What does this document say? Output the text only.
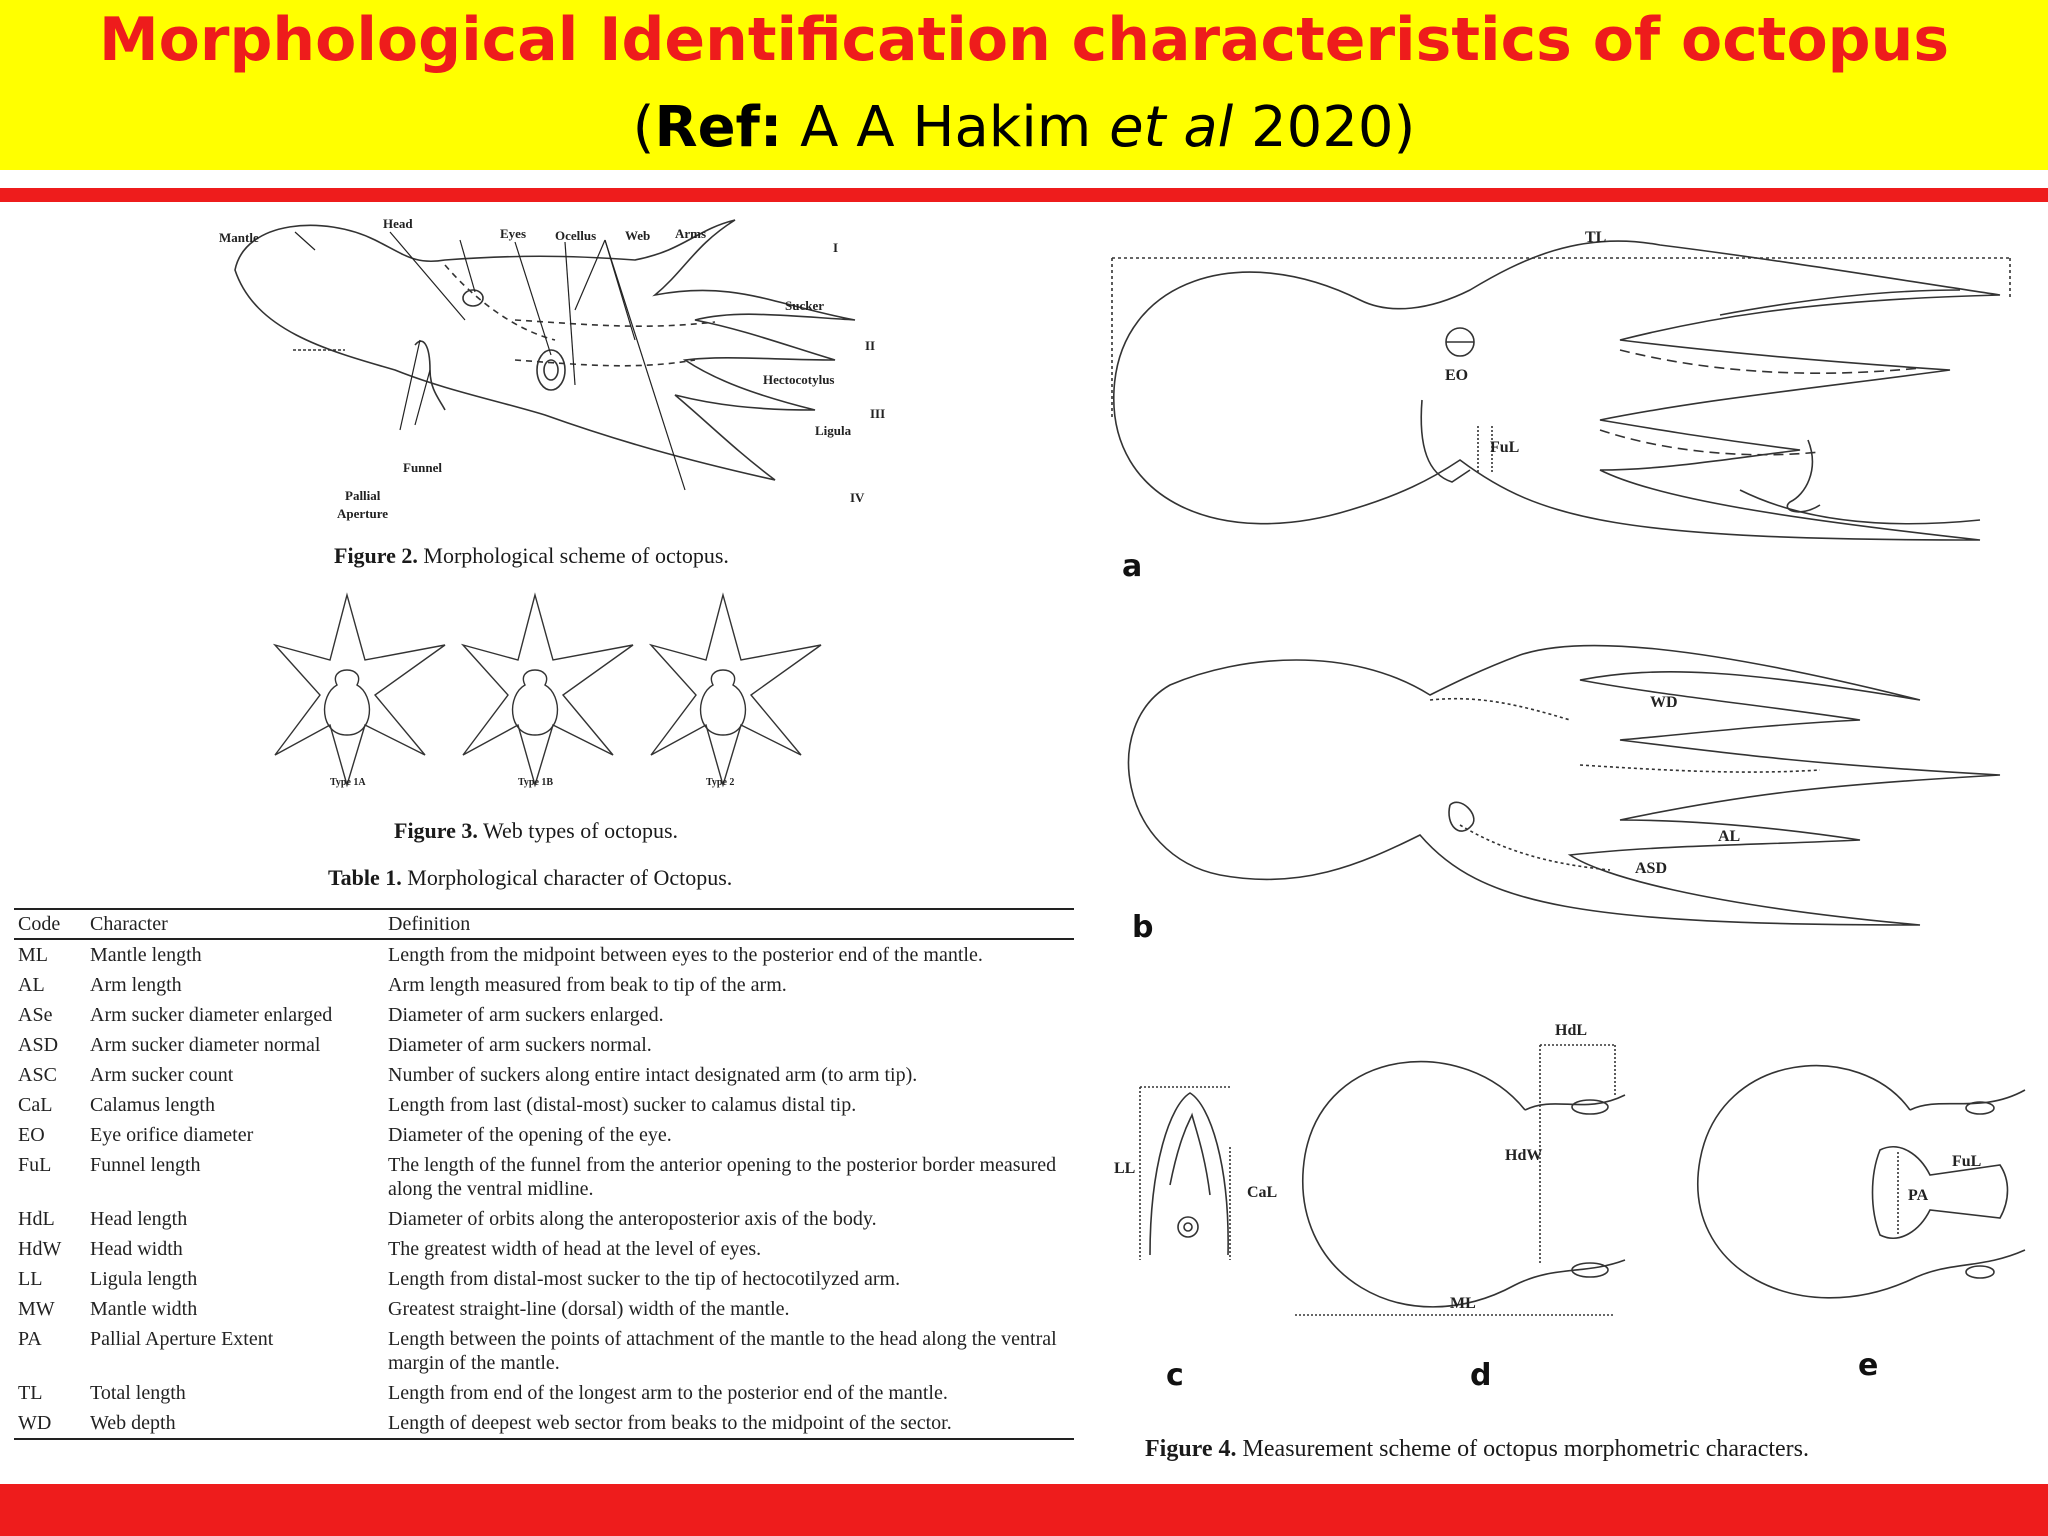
Morphological Identification characteristics of octopus
(Ref: A A Hakim et al 2020)
Mantle
Head
Eyes Ocellus Web Arms
I
Sucker
II
Hectocotylus
III
Ligula
IV
Funnel
Pallial
Aperture
Figure 2. Morphological scheme of octopus.
Type 1A	Type 1B	Type 2
Figure 3. Web types of octopus.
Table 1. Morphological character of Octopus.
Code	Character	Definition
ML	Mantle length	Length from the midpoint between eyes to the posterior end of the mantle.
AL	Arm length	Arm length measured from beak to tip of the arm.
ASe	Arm sucker diameter enlarged	Diameter of arm suckers enlarged.
ASD	Arm sucker diameter normal	Diameter of arm suckers normal.
ASC	Arm sucker count	Number of suckers along entire intact designated arm (to arm tip).
CaL	Calamus length	Length from last (distal-most) sucker to calamus distal tip.
EO	Eye orifice diameter	Diameter of the opening of the eye.
FuL	Funnel length	The length of the funnel from the anterior opening to the posterior border measured along the ventral midline.
HdL	Head length	Diameter of orbits along the anteroposterior axis of the body.
HdW	Head width	The greatest width of head at the level of eyes.
LL	Ligula length	Length from distal-most sucker to the tip of hectocotilyzed arm.
MW	Mantle width	Greatest straight-line (dorsal) width of the mantle.
PA	Pallial Aperture Extent	Length between the points of attachment of the mantle to the head along the ventral margin of the mantle.
TL	Total length	Length from end of the longest arm to the posterior end of the mantle.
WD	Web depth	Length of deepest web sector from beaks to the midpoint of the sector.
TL
EO
FuL
a
WD
AL
ASD
b
LL
CaL
c
HdL
HdW
ML
d
PA
FuL
e
Figure 4. Measurement scheme of octopus morphometric characters.
